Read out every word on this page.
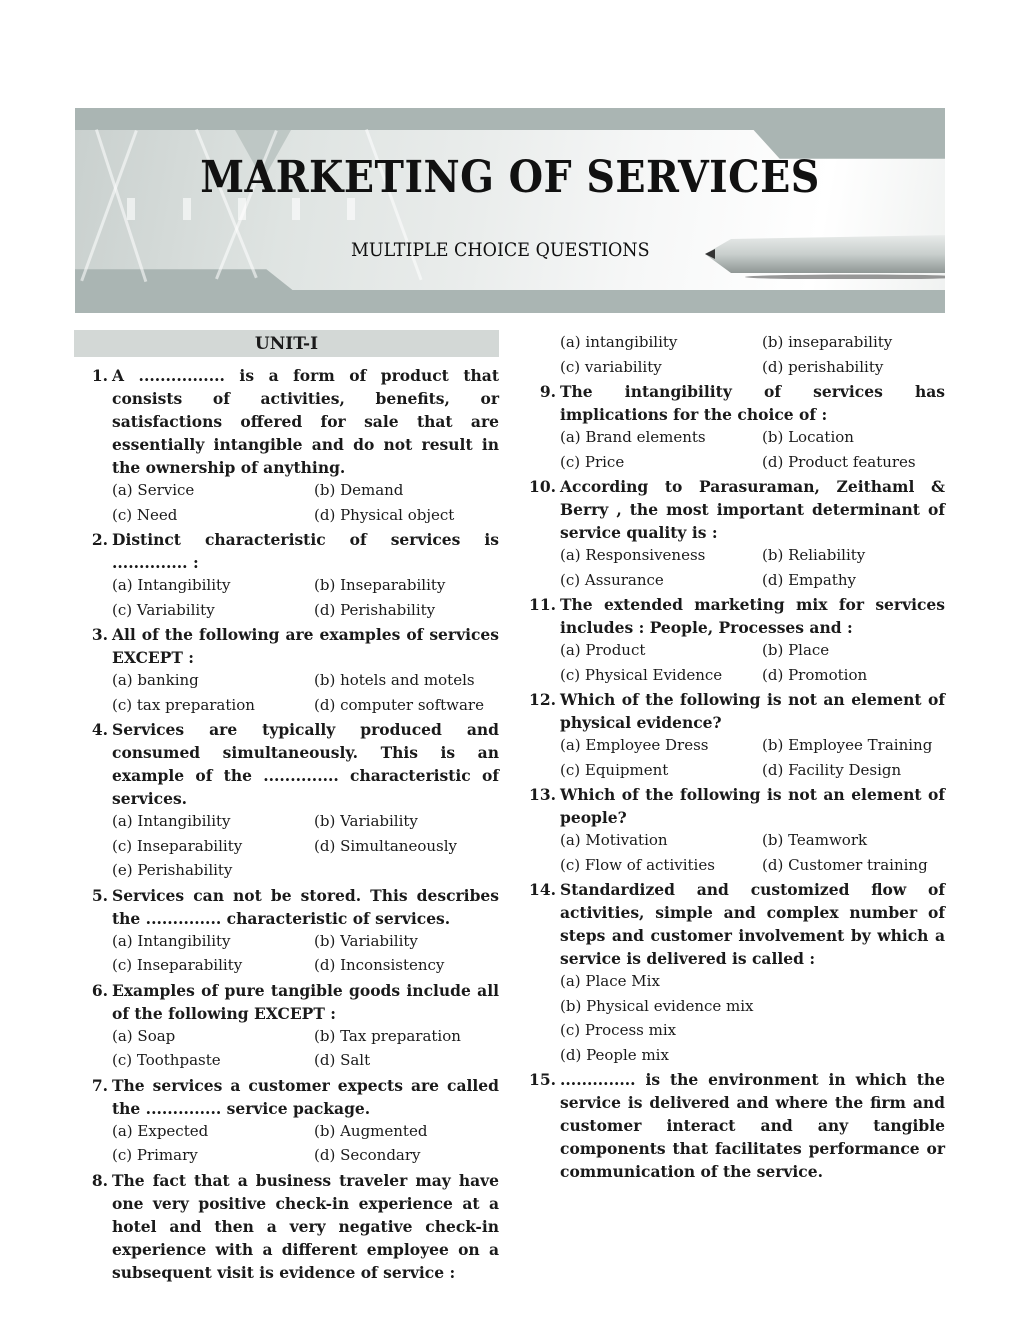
MARKETING OF SERVICES
MULTIPLE CHOICE QUESTIONS
UNIT-I
1. A ................ is a form of product that consists of activities, benefits, or satisfactions offered for sale that are essentially intangible and do not result in the ownership of anything.
(a) Service	(b) Demand
(c) Need	(d) Physical object
2. Distinct characteristic of services is .............. :
(a) Intangibility	(b) Inseparability
(c) Variability	(d) Perishability
3. All of the following are examples of services EXCEPT :
(a) banking	(b) hotels and motels
(c) tax preparation	(d) computer software
4. Services are typically produced and consumed simultaneously. This is an example of the .............. characteristic of services.
(a) Intangibility	(b) Variability
(c) Inseparability	(d) Simultaneously
(e) Perishability
5. Services can not be stored. This describes the .............. characteristic of services.
(a) Intangibility	(b) Variability
(c) Inseparability	(d) Inconsistency
6. Examples of pure tangible goods include all of the following EXCEPT :
(a) Soap	(b) Tax preparation
(c) Toothpaste	(d) Salt
7. The services a customer expects are called the .............. service package.
(a) Expected	(b) Augmented
(c) Primary	(d) Secondary
8. The fact that a business traveler may have one very positive check-in experience at a hotel and then a very negative check-in experience with a different employee on a subsequent visit is evidence of service :
(a) intangibility	(b) inseparability
(c) variability	(d) perishability
9. The intangibility of services has implications for the choice of :
(a) Brand elements	(b) Location
(c) Price	(d) Product features
10. According to Parasuraman, Zeithaml & Berry , the most important determinant of service quality is :
(a) Responsiveness	(b) Reliability
(c) Assurance	(d) Empathy
11. The extended marketing mix for services includes : People, Processes and :
(a) Product	(b) Place
(c) Physical Evidence	(d) Promotion
12. Which of the following is not an element of physical evidence?
(a) Employee Dress	(b) Employee Training
(c) Equipment	(d) Facility Design
13. Which of the following is not an element of people?
(a) Motivation	(b) Teamwork
(c) Flow of activities	(d) Customer training
14. Standardized and customized flow of activities, simple and complex number of steps and customer involvement by which a service is delivered is called :
(a) Place Mix
(b) Physical evidence mix
(c) Process mix
(d) People mix
15. .............. is the environment in which the service is delivered and where the firm and customer interact and any tangible components that facilitates performance or communication of the service.
